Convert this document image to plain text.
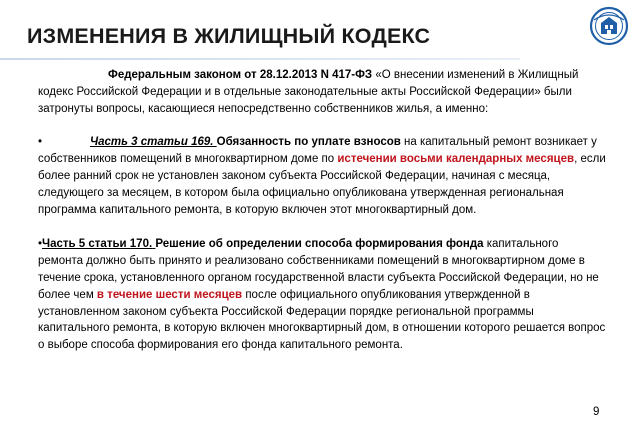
ИЗМЕНЕНИЯ В ЖИЛИЩНЫЙ КОДЕКС

Федеральным законом от 28.12.2013 N 417-ФЗ «О внесении изменений в Жилищный кодекс Российской Федерации и в отдельные законодательные акты Российской Федерации» были затронуты вопросы, касающиеся непосредственно собственников жилья, а именно:

•	Часть 3 статьи 169. Обязанность по уплате взносов на капитальный ремонт возникает у собственников помещений в многоквартирном доме по истечении восьми календарных месяцев, если более ранний срок не установлен законом субъекта Российской Федерации, начиная с месяца, следующего за месяцем, в котором была официально опубликована утвержденная региональная программа капитального ремонта, в которую включен этот многоквартирный дом.

•Часть 5 статьи 170. Решение об определении способа формирования фонда капитального ремонта должно быть принято и реализовано собственниками помещений в многоквартирном доме в течение срока, установленного органом государственной власти субъекта Российской Федерации, но не более чем в течение шести месяцев после официального опубликования утвержденной в установленном законом субъекта Российской Федерации порядке региональной программы капитального ремонта, в которую включен многоквартирный дом, в отношении которого решается вопрос о выборе способа формирования его фонда капитального ремонта.

9
